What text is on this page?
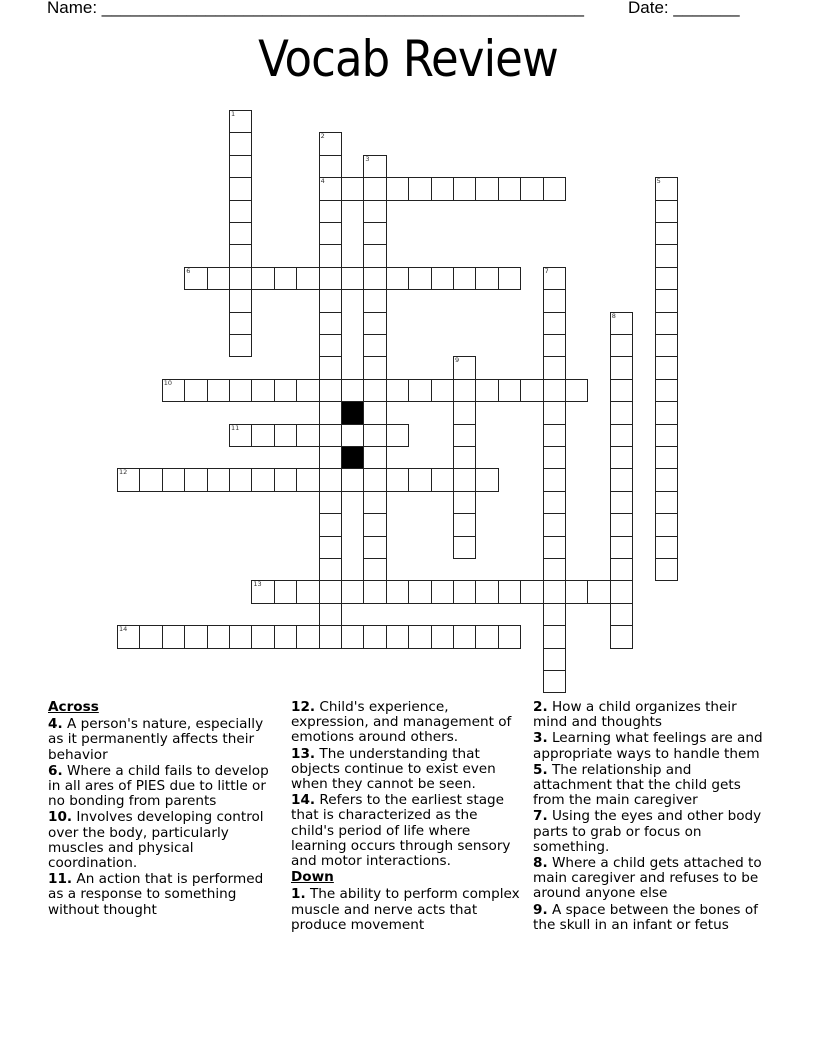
Name: ___________________________________________________	Date: _______
Vocab Review
1
2
4
3
5
6	7
8
9
10
11
12
13
14
Across
4. A person's nature, especially as it permanently affects their behavior
6. Where a child fails to develop in all ares of PIES due to little or no bonding from parents
10. Involves developing control over the body, particularly muscles and physical coordination.
11. An action that is performed as a response to something without thought
12. Child's experience, expression, and management of emotions around others.
13. The understanding that objects continue to exist even when they cannot be seen.
14. Refers to the earliest stage that is characterized as the child's period of life where learning occurs through sensory and motor interactions.
Down
1. The ability to perform complex muscle and nerve acts that produce movement
2. How a child organizes their mind and thoughts
3. Learning what feelings are and appropriate ways to handle them
5. The relationship and attachment that the child gets from the main caregiver
7. Using the eyes and other body parts to grab or focus on something.
8. Where a child gets attached to main caregiver and refuses to be around anyone else
9. A space between the bones of the skull in an infant or fetus
